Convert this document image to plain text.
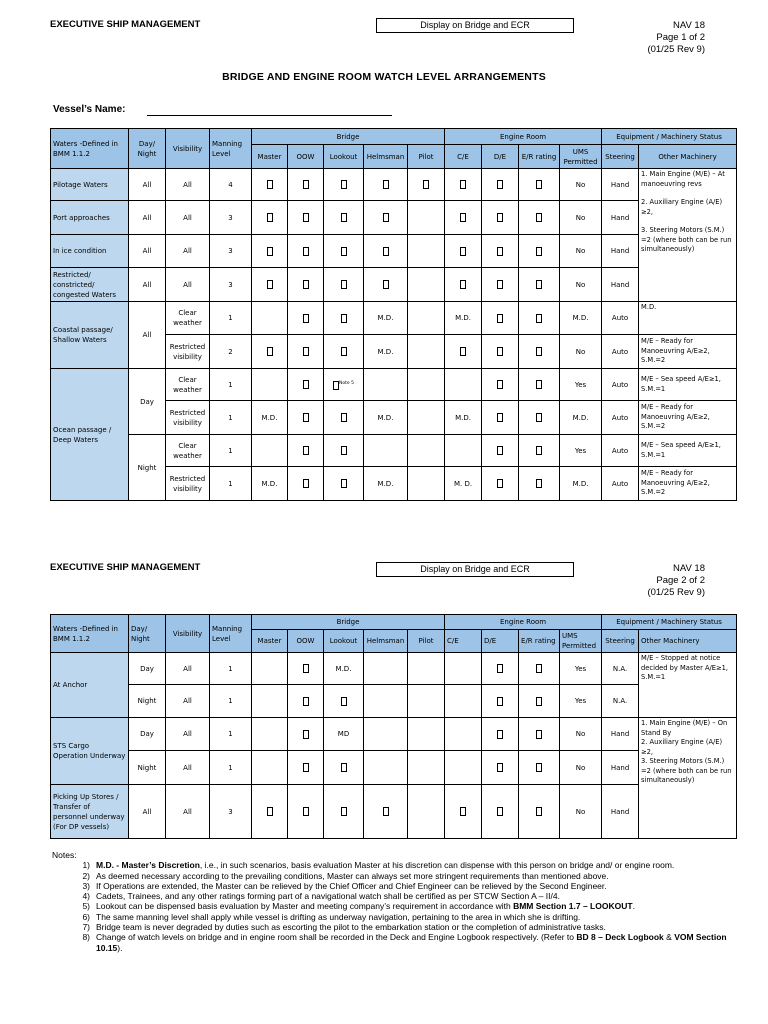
EXECUTIVE SHIP MANAGEMENT	Display on Bridge and ECR	NAV 18
Page 1 of 2
(01/25 Rev 9)
BRIDGE AND ENGINE ROOM WATCH LEVEL ARRANGEMENTS
Vessel’s Name:
Waters -Defined in BMM 1.1.2	Day/ Night	Visibility	Manning Level	Bridge					Engine Room				Equipment / Machinery Status	
				Master	OOW	Lookout	Helmsman	Pilot	C/E	D/E	E/R rating	UMS Permitted	Steering	Other Machinery
Pilotage Waters	All	All	4									No	Hand	1. Main Engine (M/E) – At manoeuvring revs
2. Auxiliary Engine (A/E) ≥2,
3. Steering Motors (S.M.) =2 (where both can be run simultaneously)

Port approaches	All	All	3									No	Hand	
In ice condition	All	All	3									No	Hand	
Restricted/ constricted/ congested Waters	All	All	3									No	Hand	
Coastal passage/ Shallow Waters	All	Clear weather	1				M.D.		M.D.			M.D.	Auto	M.D.
		Restricted visibility	2				M.D.					No	Auto	M/E – Ready for Manoeuvring A/E≥2, S.M.=2
Ocean passage / Deep Waters	Day	Clear weather	1			$^{Note 5}$						Yes	Auto	M/E – Sea speed A/E≥1, S.M.=1
		Restricted visibility	1	M.D.			M.D.		M.D.			M.D.	Auto	M/E – Ready for Manoeuvring A/E≥2, S.M.=2
	Night	Clear weather	1									Yes	Auto	M/E – Sea speed A/E≥1, S.M.=1
		Restricted visibility	1	M.D.			M.D.		M. D.			M.D.	Auto	M/E – Ready for Manoeuvring A/E≥2, S.M.=2
EXECUTIVE SHIP MANAGEMENT	Display on Bridge and ECR	NAV 18
Page 2 of 2
(01/25 Rev 9)
Waters -Defined in BMM 1.1.2	Day/ Night	Visibility	Manning Level	Bridge					Engine Room				Equipment / Machinery Status	
				Master	OOW	Lookout	Helmsman	Pilot	C/E	D/E	E/R rating	UMS Permitted	Steering	Other Machinery
At Anchor	Day	All	1			M.D.						Yes	N.A.	M/E – Stopped at notice decided by Master A/E≥1, S.M.=1
	Night	All	1									Yes	N.A.	
STS Cargo Operation Underway	Day	All	1			MD						No	Hand	1. Main Engine (M/E) – On Stand By
2. Auxiliary Engine (A/E) ≥2,
3. Steering Motors (S.M.) =2 (where both can be run simultaneously)

	Night	All	1									No	Hand	
Picking Up Stores / Transfer of personnel underway (For DP vessels)	All	All	3									No	Hand	
Notes:
1) M.D. - Master’s Discretion, i.e., in such scenarios, basis evaluation Master at his discretion can dispense with this person on bridge and/ or engine room.
2) As deemed necessary according to the prevailing conditions, Master can always set more stringent requirements than mentioned above.
3) If Operations are extended, the Master can be relieved by the Chief Officer and Chief Engineer can be relieved by the Second Engineer.
4) Cadets, Trainees, and any other ratings forming part of a navigational watch shall be certified as per STCW Section A – II/4.
5) Lookout can be dispensed basis evaluation by Master and meeting company’s requirement in accordance with BMM Section 1.7 – LOOKOUT.
6) The same manning level shall apply while vessel is drifting as underway navigation, pertaining to the area in which she is drifting.
7) Bridge team is never degraded by duties such as escorting the pilot to the embarkation station or the completion of administrative tasks.
8) Change of watch levels on bridge and in engine room shall be recorded in the Deck and Engine Logbook respectively. (Refer to BD 8 – Deck Logbook & VOM Section 10.15).
